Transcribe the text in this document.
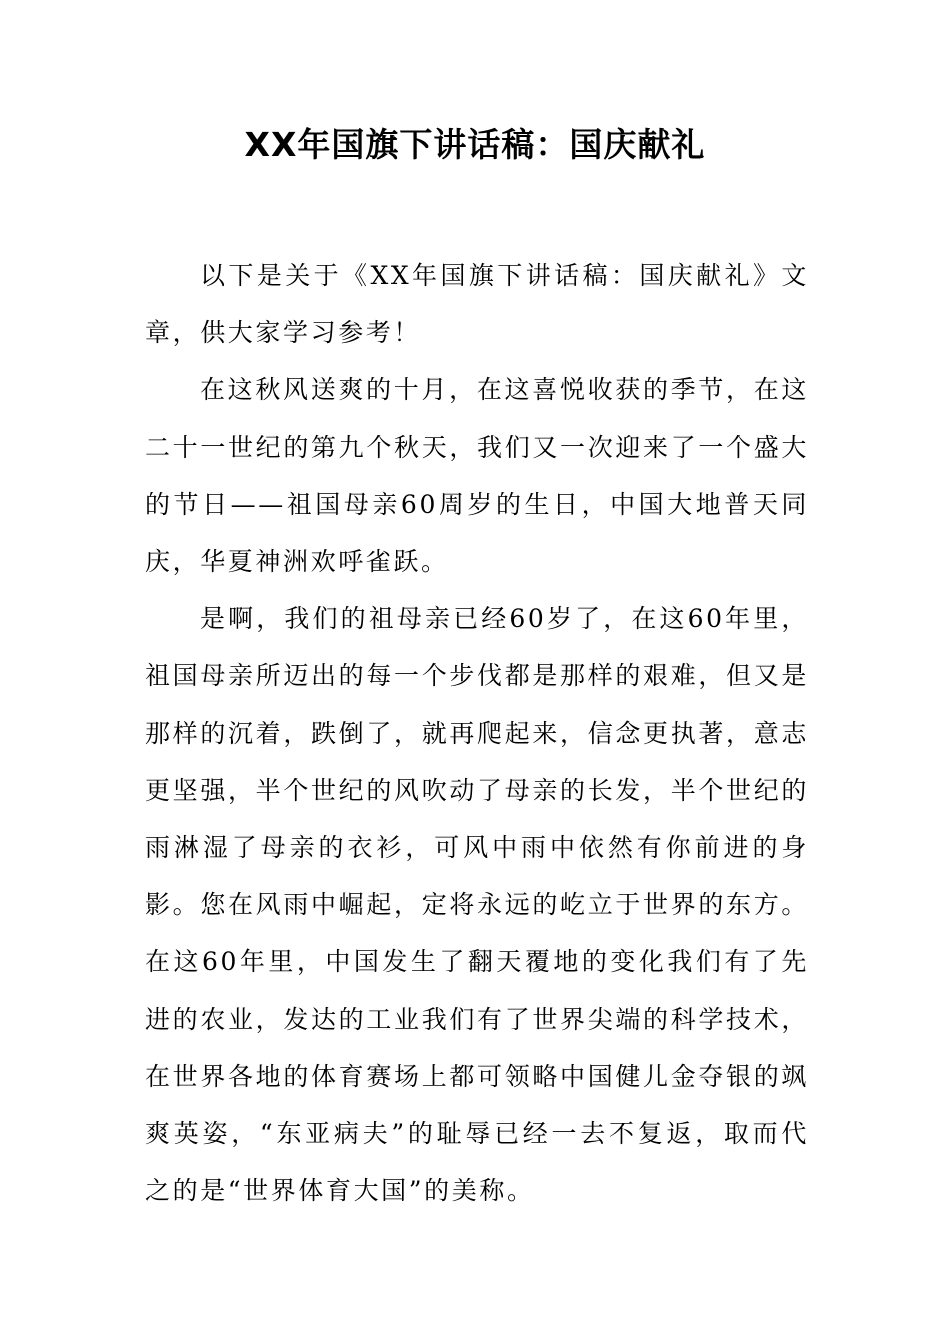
XX年国旗下讲话稿：国庆献礼

以下是关于《XX年国旗下讲话稿：国庆献礼》文章，供大家学习参考！

在这秋风送爽的十月，在这喜悦收获的季节，在这二十一世纪的第九个秋天，我们又一次迎来了一个盛大的节日——祖国母亲60周岁的生日，中国大地普天同庆，华夏神洲欢呼雀跃。

是啊，我们的祖母亲已经60岁了，在这60年里，祖国母亲所迈出的每一个步伐都是那样的艰难，但又是那样的沉着，跌倒了，就再爬起来，信念更执著，意志更坚强，半个世纪的风吹动了母亲的长发，半个世纪的雨淋湿了母亲的衣衫，可风中雨中依然有你前进的身影。您在风雨中崛起，定将永远的屹立于世界的东方。在这60年里，中国发生了翻天覆地的变化我们有了先进的农业，发达的工业我们有了世界尖端的科学技术，在世界各地的体育赛场上都可领略中国健儿金夺银的飒爽英姿，“东亚病夫”的耻辱已经一去不复返，取而代之的是“世界体育大国”的美称。
